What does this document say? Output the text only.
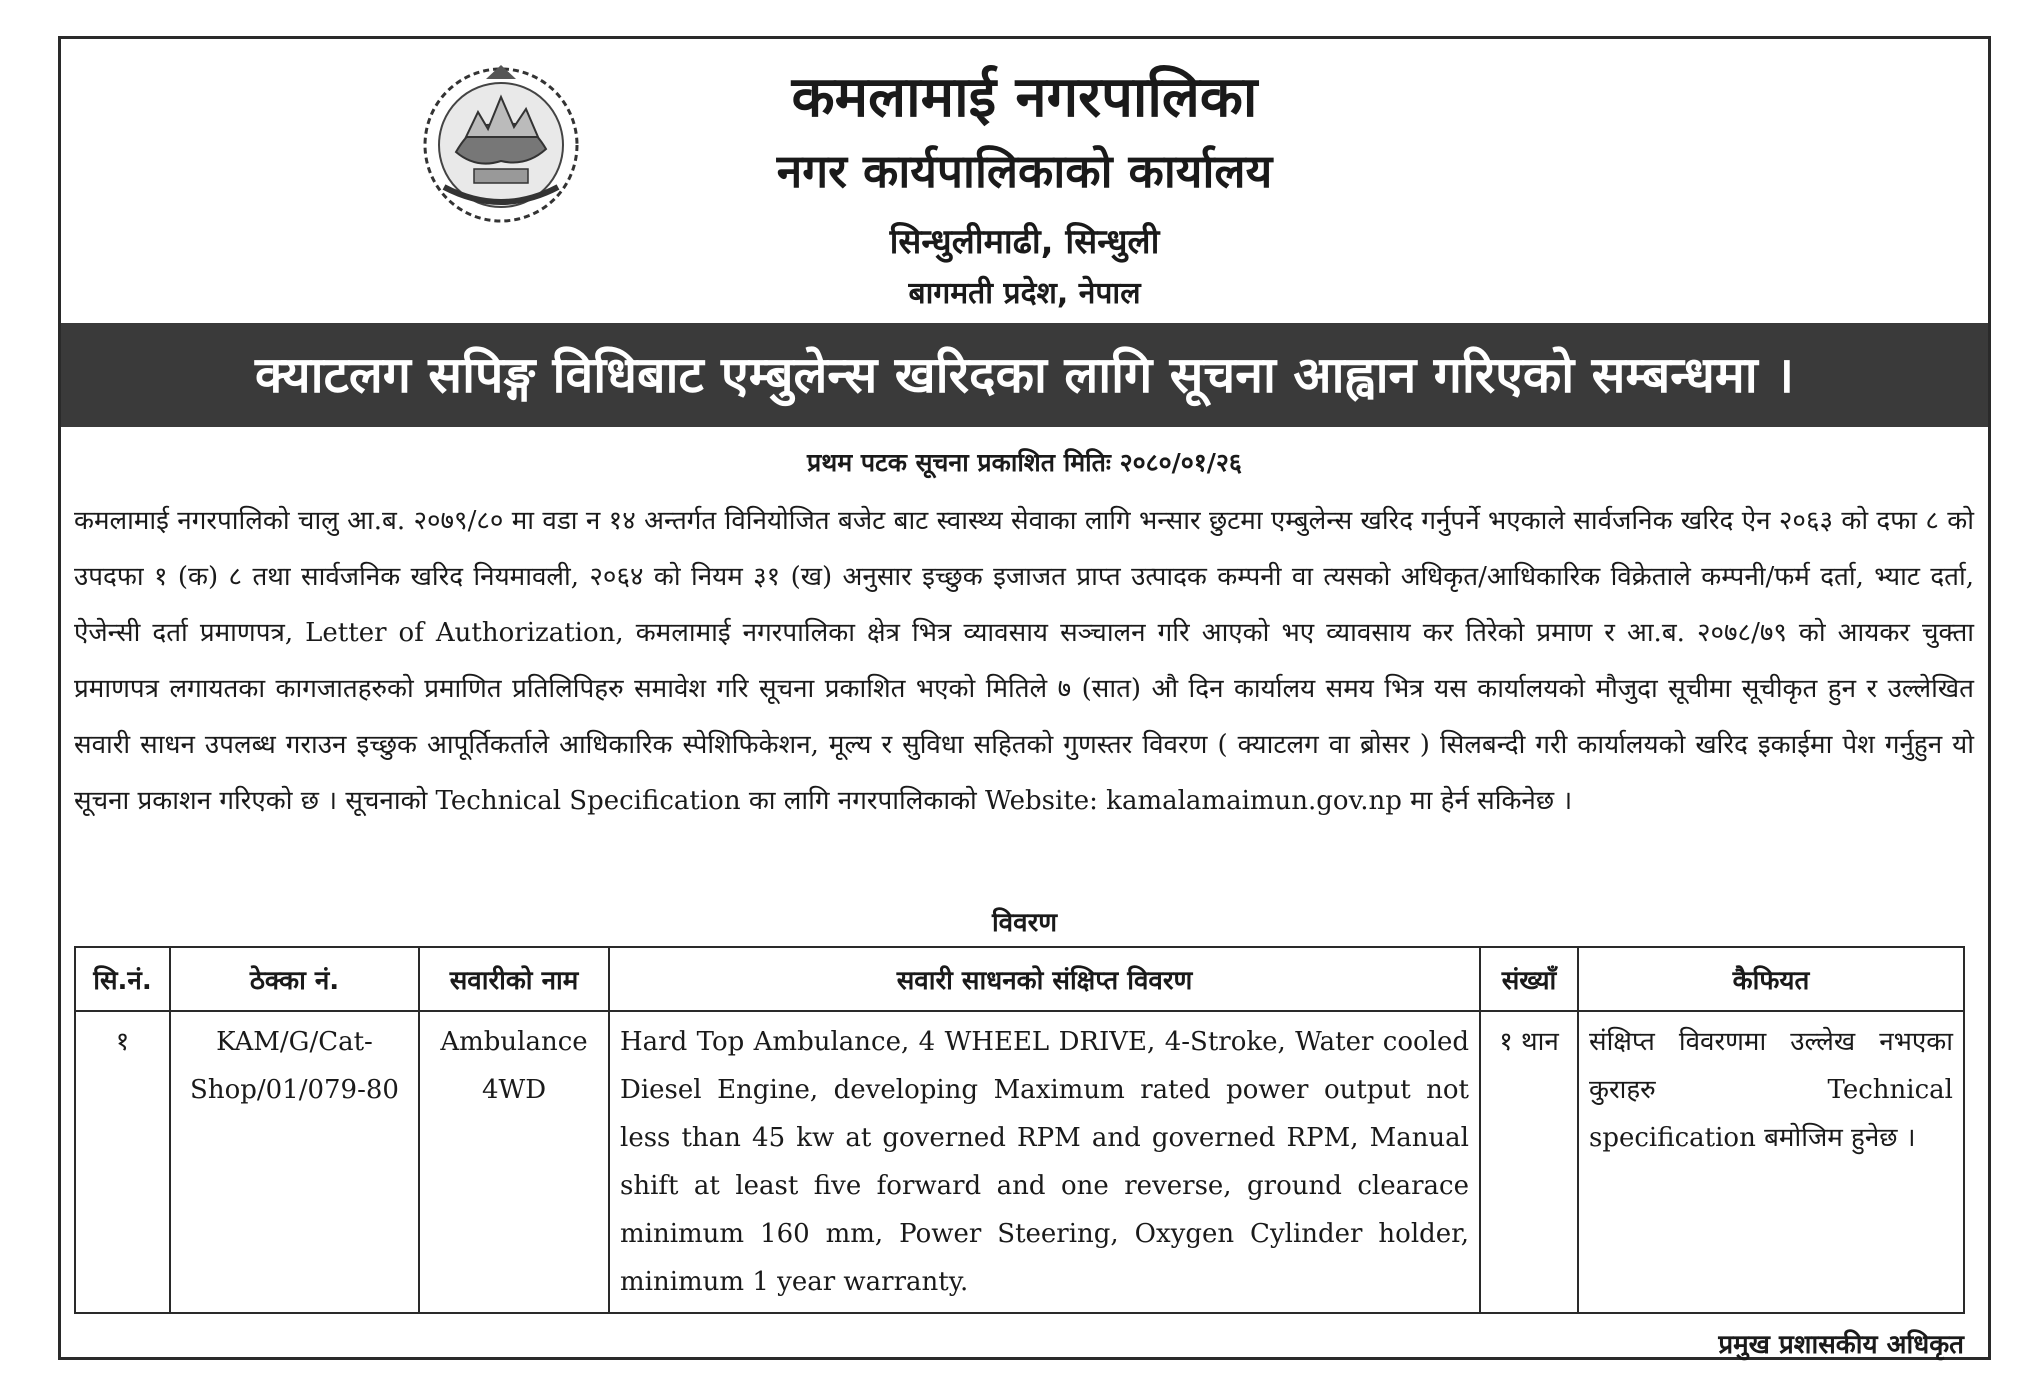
कमलामाई नगरपालिका
नगर कार्यपालिकाको कार्यालय
सिन्धुलीमाढी, सिन्धुली
बागमती प्रदेश, नेपाल
क्याटलग सपिङ्ग विधिबाट एम्बुलेन्स खरिदका लागि सूचना आह्वान गरिएको सम्बन्धमा ।
प्रथम पटक सूचना प्रकाशित मितिः २०८०/०१/२६

कमलामाई नगरपालिको चालु आ.ब. २०७९/८० मा वडा न १४ अन्तर्गत विनियोजित बजेट बाट स्वास्थ्य सेवाका लागि भन्सार छुटमा एम्बुलेन्स खरिद गर्नुपर्ने भएकाले सार्वजनिक खरिद ऐन २०६३ को दफा ८ को उपदफा १ (क) ८ तथा सार्वजनिक खरिद नियमावली, २०६४ को नियम ३१ (ख) अनुसार इच्छुक इजाजत प्राप्त उत्पादक कम्पनी वा त्यसको अधिकृत/आधिकारिक विक्रेताले कम्पनी/फर्म दर्ता, भ्याट दर्ता, ऐजेन्सी दर्ता प्रमाणपत्र, Letter of Authorization, कमलामाई नगरपालिका क्षेत्र भित्र व्यावसाय सञ्चालन गरि आएको भए व्यावसाय कर तिरेको प्रमाण र आ.ब. २०७८/७९ को आयकर चुक्ता प्रमाणपत्र लगायतका कागजातहरुको प्रमाणित प्रतिलिपिहरु समावेश गरि सूचना प्रकाशित भएको मितिले ७ (सात) औ दिन कार्यालय समय भित्र यस कार्यालयको मौजुदा सूचीमा सूचीकृत हुन र उल्लेखित सवारी साधन उपलब्ध गराउन इच्छुक आपूर्तिकर्ताले आधिकारिक स्पेशिफिकेशन, मूल्य र सुविधा सहितको गुणस्तर विवरण ( क्याटलग वा ब्रोसर ) सिलबन्दी गरी कार्यालयको खरिद इकाईमा पेश गर्नुहुन यो सूचना प्रकाशन गरिएको छ । सूचनाको Technical Specification का लागि नगरपालिकाको Website: kamalamaimun.gov.np मा हेर्न सकिनेछ ।

विवरण
सि.नं.	ठेक्का नं.	सवारीको नाम	सवारी साधनको संक्षिप्त विवरण	संख्याँ	कैफियत
१	KAM/G/Cat-Shop/01/079-80	Ambulance 4WD	Hard Top Ambulance, 4 WHEEL DRIVE, 4-Stroke, Water cooled Diesel Engine, developing Maximum rated power output not less than 45 kw at governed RPM and governed RPM, Manual shift at least five forward and one reverse, ground clearace minimum 160 mm, Power Steering, Oxygen Cylinder holder, minimum 1 year warranty.	१ थान	संक्षिप्त विवरणमा उल्लेख नभएका कुराहरु Technical specification बमोजिम हुनेछ ।
प्रमुख प्रशासकीय अधिकृत
